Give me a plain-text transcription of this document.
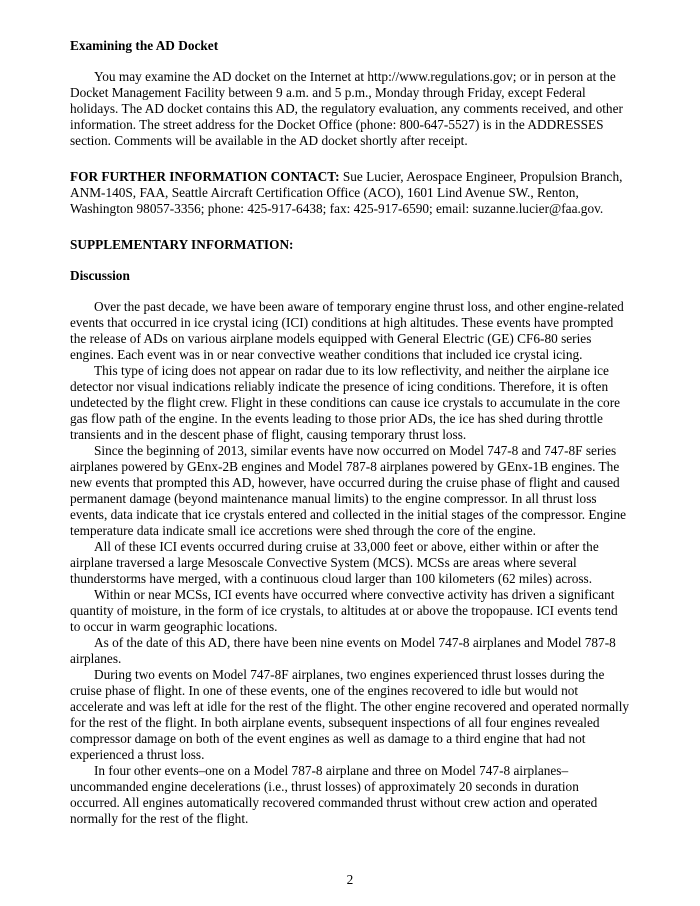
Examining the AD Docket

You may examine the AD docket on the Internet at http://www.regulations.gov; or in person at the Docket Management Facility between 9 a.m. and 5 p.m., Monday through Friday, except Federal holidays. The AD docket contains this AD, the regulatory evaluation, any comments received, and other information. The street address for the Docket Office (phone: 800-647-5527) is in the ADDRESSES section. Comments will be available in the AD docket shortly after receipt.

FOR FURTHER INFORMATION CONTACT: Sue Lucier, Aerospace Engineer, Propulsion Branch, ANM-140S, FAA, Seattle Aircraft Certification Office (ACO), 1601 Lind Avenue SW., Renton, Washington 98057-3356; phone: 425-917-6438; fax: 425-917-6590; email: suzanne.lucier@faa.gov.

SUPPLEMENTARY INFORMATION:

Discussion

Over the past decade, we have been aware of temporary engine thrust loss, and other engine-related events that occurred in ice crystal icing (ICI) conditions at high altitudes. These events have prompted the release of ADs on various airplane models equipped with General Electric (GE) CF6-80 series engines. Each event was in or near convective weather conditions that included ice crystal icing.

This type of icing does not appear on radar due to its low reflectivity, and neither the airplane ice detector nor visual indications reliably indicate the presence of icing conditions. Therefore, it is often undetected by the flight crew. Flight in these conditions can cause ice crystals to accumulate in the core gas flow path of the engine. In the events leading to those prior ADs, the ice has shed during throttle transients and in the descent phase of flight, causing temporary thrust loss.

Since the beginning of 2013, similar events have now occurred on Model 747-8 and 747-8F series airplanes powered by GEnx-2B engines and Model 787-8 airplanes powered by GEnx-1B engines. The new events that prompted this AD, however, have occurred during the cruise phase of flight and caused permanent damage (beyond maintenance manual limits) to the engine compressor. In all thrust loss events, data indicate that ice crystals entered and collected in the initial stages of the compressor. Engine temperature data indicate small ice accretions were shed through the core of the engine.

All of these ICI events occurred during cruise at 33,000 feet or above, either within or after the airplane traversed a large Mesoscale Convective System (MCS). MCSs are areas where several thunderstorms have merged, with a continuous cloud larger than 100 kilometers (62 miles) across.

Within or near MCSs, ICI events have occurred where convective activity has driven a significant quantity of moisture, in the form of ice crystals, to altitudes at or above the tropopause. ICI events tend to occur in warm geographic locations.

As of the date of this AD, there have been nine events on Model 747-8 airplanes and Model 787-8 airplanes.

During two events on Model 747-8F airplanes, two engines experienced thrust losses during the cruise phase of flight. In one of these events, one of the engines recovered to idle but would not accelerate and was left at idle for the rest of the flight. The other engine recovered and operated normally for the rest of the flight. In both airplane events, subsequent inspections of all four engines revealed compressor damage on both of the event engines as well as damage to a third engine that had not experienced a thrust loss.

In four other events–one on a Model 787-8 airplane and three on Model 747-8 airplanes–uncommanded engine decelerations (i.e., thrust losses) of approximately 20 seconds in duration occurred. All engines automatically recovered commanded thrust without crew action and operated normally for the rest of the flight.

2
